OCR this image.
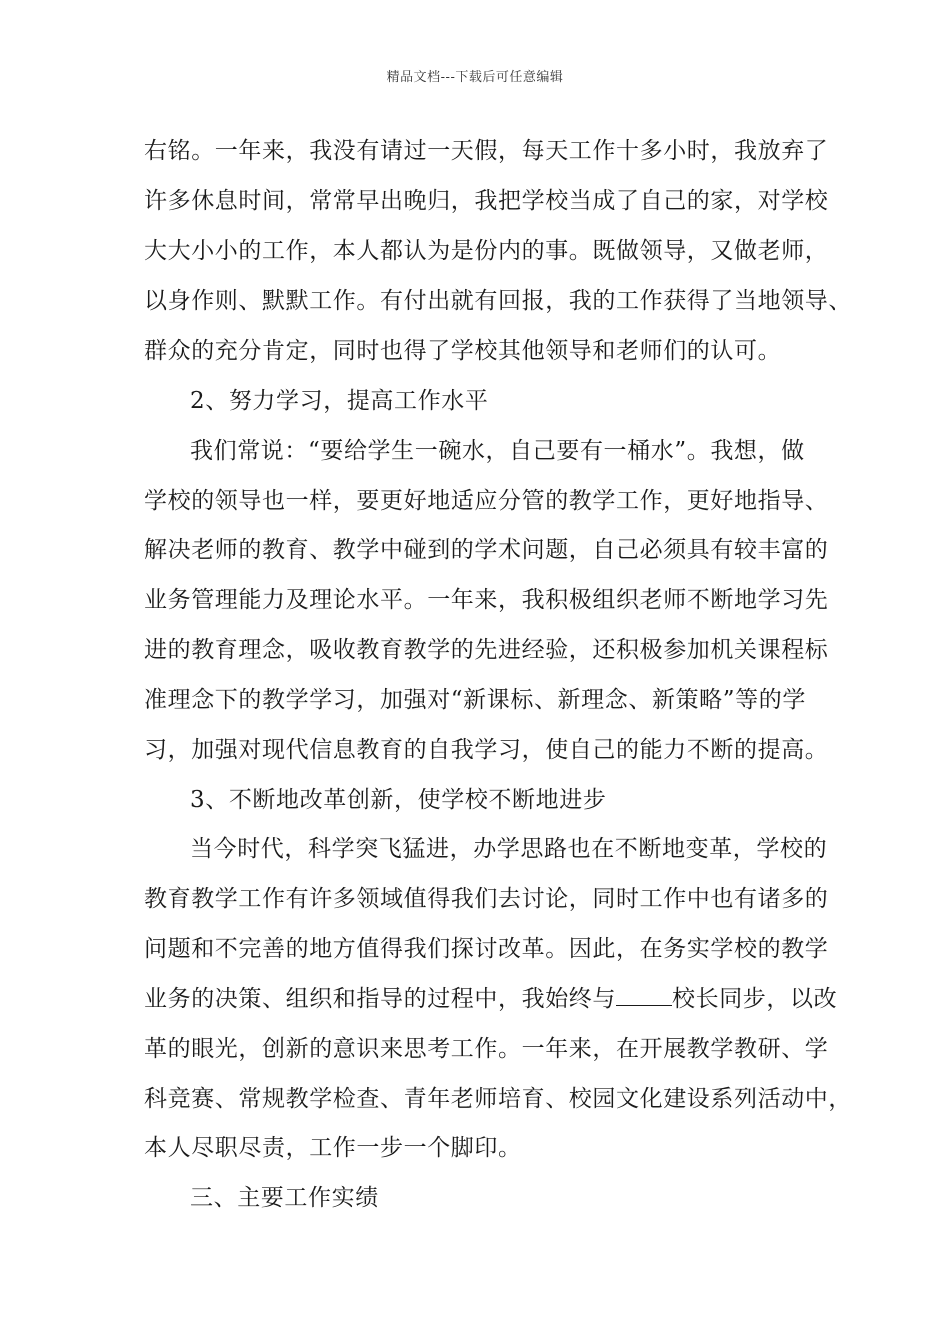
精品文档---下载后可任意编辑
右铭。一年来，我没有请过一天假，每天工作十多小时，我放弃了
许多休息时间，常常早出晚归，我把学校当成了自己的家，对学校
大大小小的工作，本人都认为是份内的事。既做领导，又做老师，
以身作则、默默工作。有付出就有回报，我的工作获得了当地领导、
群众的充分肯定，同时也得了学校其他领导和老师们的认可。
2、努力学习，提高工作水平
我们常说：“要给学生一碗水，自己要有一桶水”。我想，做
学校的领导也一样，要更好地适应分管的教学工作，更好地指导、
解决老师的教育、教学中碰到的学术问题，自己必须具有较丰富的
业务管理能力及理论水平。一年来，我积极组织老师不断地学习先
进的教育理念，吸收教育教学的先进经验，还积极参加机关课程标
准理念下的教学学习，加强对“新课标、新理念、新策略”等的学
习，加强对现代信息教育的自我学习，使自己的能力不断的提高。
3、不断地改革创新，使学校不断地进步
当今时代，科学突飞猛进，办学思路也在不断地变革，学校的
教育教学工作有许多领域值得我们去讨论，同时工作中也有诸多的
问题和不完善的地方值得我们探讨改革。因此，在务实学校的教学
业务的决策、组织和指导的过程中，我始终与 校长同步，以改
革的眼光，创新的意识来思考工作。一年来，在开展教学教研、学
科竞赛、常规教学检查、青年老师培育、校园文化建设系列活动中，
本人尽职尽责，工作一步一个脚印。
三、主要工作实绩
